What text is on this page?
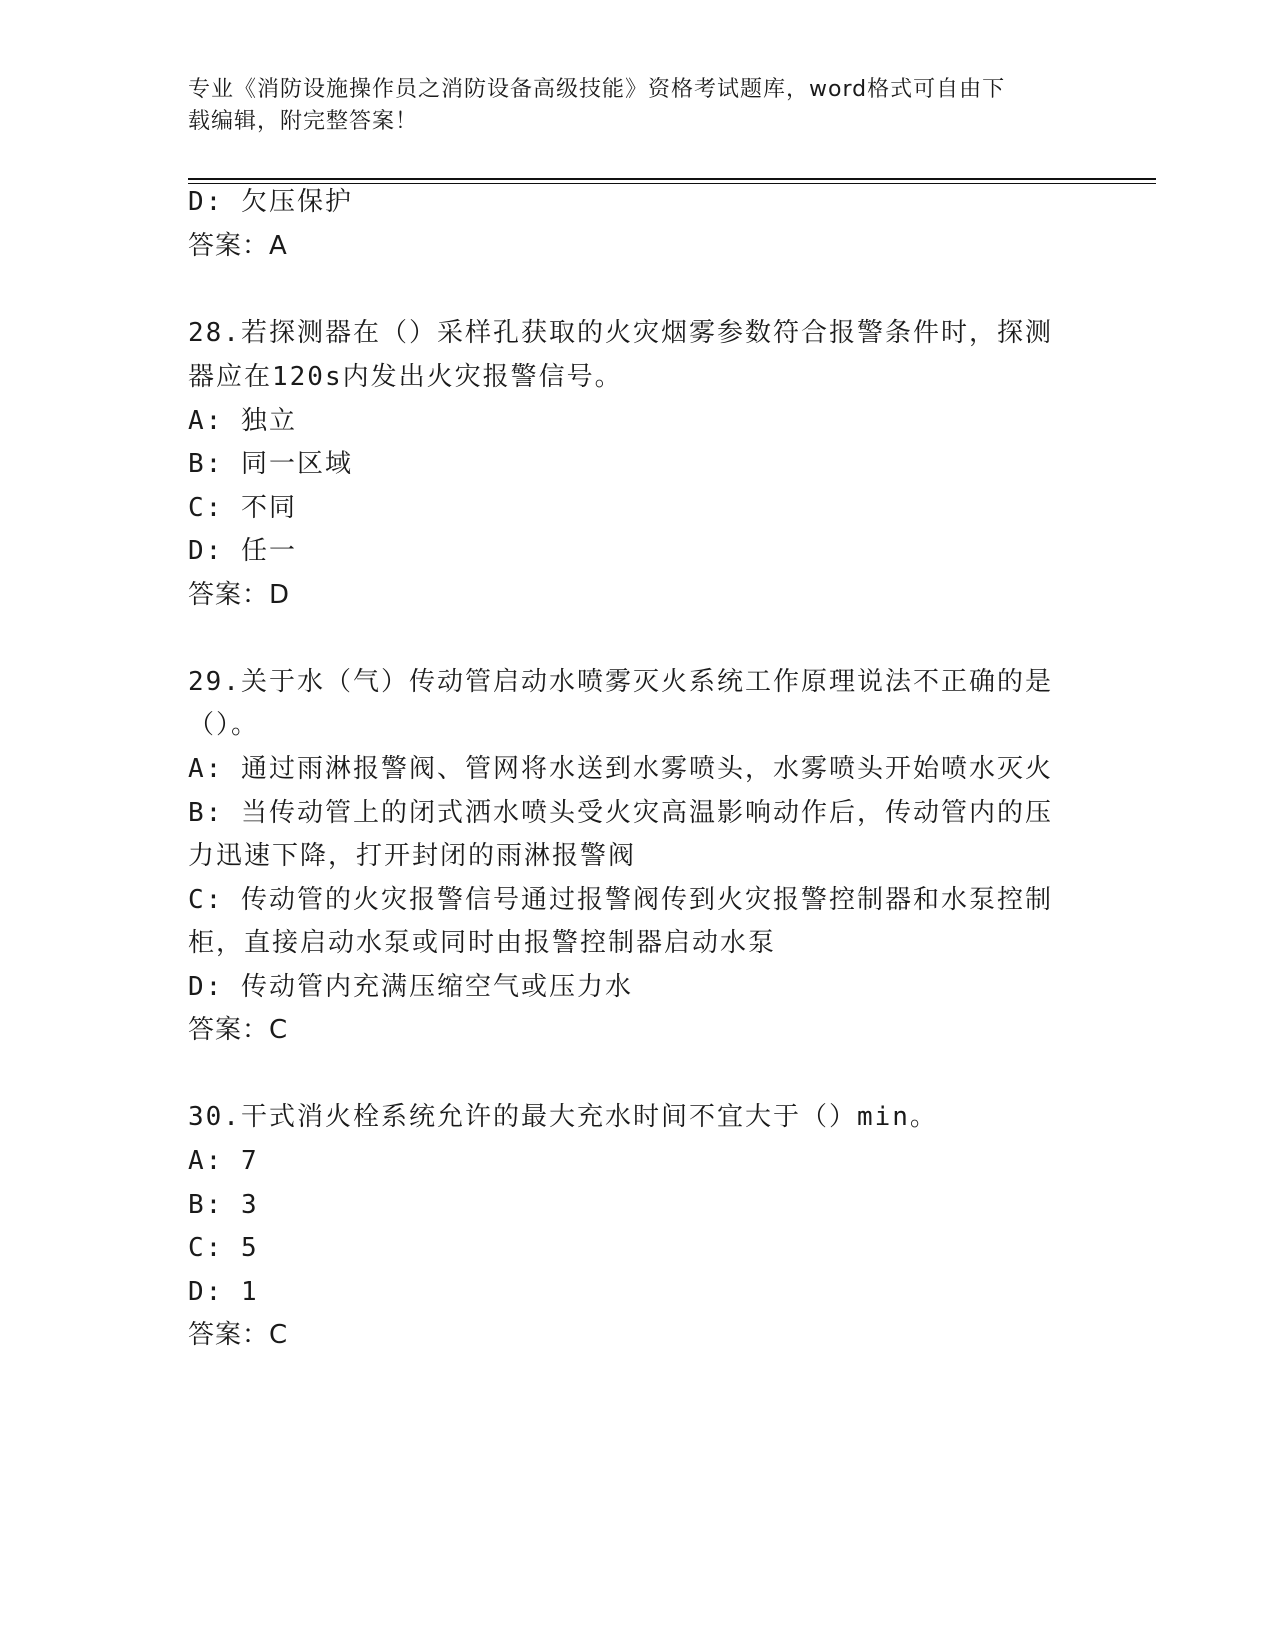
专业《消防设施操作员之消防设备高级技能》资格考试题库，word格式可自由下
载编辑，附完整答案！
D: 欠压保护
答案：A
28.若探测器在（）采样孔获取的火灾烟雾参数符合报警条件时，探测
器应在120s内发出火灾报警信号。
A: 独立
B: 同一区域
C: 不同
D: 任一
答案：D
29.关于水（气）传动管启动水喷雾灭火系统工作原理说法不正确的是
（）。
A: 通过雨淋报警阀、管网将水送到水雾喷头，水雾喷头开始喷水灭火
B: 当传动管上的闭式洒水喷头受火灾高温影响动作后，传动管内的压
力迅速下降，打开封闭的雨淋报警阀
C: 传动管的火灾报警信号通过报警阀传到火灾报警控制器和水泵控制
柜，直接启动水泵或同时由报警控制器启动水泵
D: 传动管内充满压缩空气或压力水
答案：C
30.干式消火栓系统允许的最大充水时间不宜大于（）min。
A: 7
B: 3
C: 5
D: 1
答案：C
